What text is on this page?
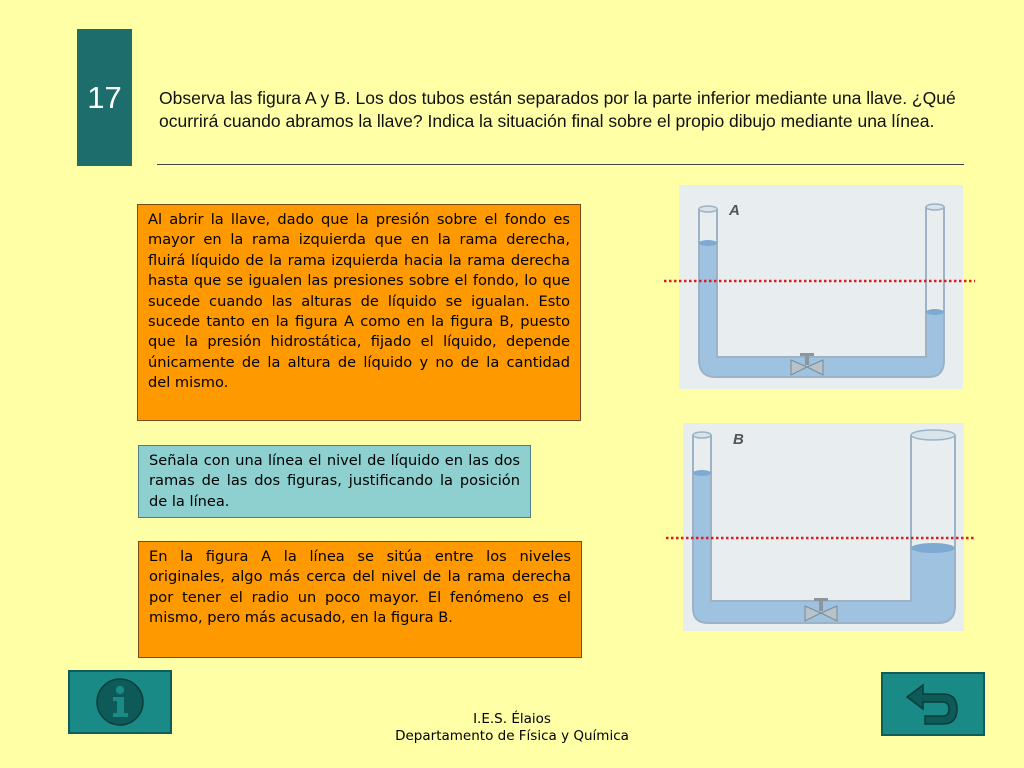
17	Observa las figura A y B. Los dos tubos están separados por la parte inferior mediante una llave. ¿Qué ocurrirá cuando abramos la llave? Indica la situación final sobre el propio dibujo mediante una línea.
Al abrir la llave, dado que la presión sobre el fondo es mayor en la rama izquierda que en la rama derecha, fluirá líquido de la rama izquierda hacia la rama derecha hasta que se igualen las presiones sobre el fondo, lo que sucede cuando las alturas de líquido se igualan. Esto sucede tanto en la figura A como en la figura B, puesto que la presión hidrostática, fijado el líquido, depende únicamente de la altura de líquido y no de la cantidad del mismo.
Señala con una línea el nivel de líquido en las dos ramas de las dos figuras, justificando la posición de la línea.
En la figura A la línea se sitúa entre los niveles originales, algo más cerca del nivel de la rama derecha por tener el radio un poco mayor. El fenómeno es el mismo, pero más acusado, en la figura B.
A
B
I.E.S. Élaios
Departamento de Física y Química
